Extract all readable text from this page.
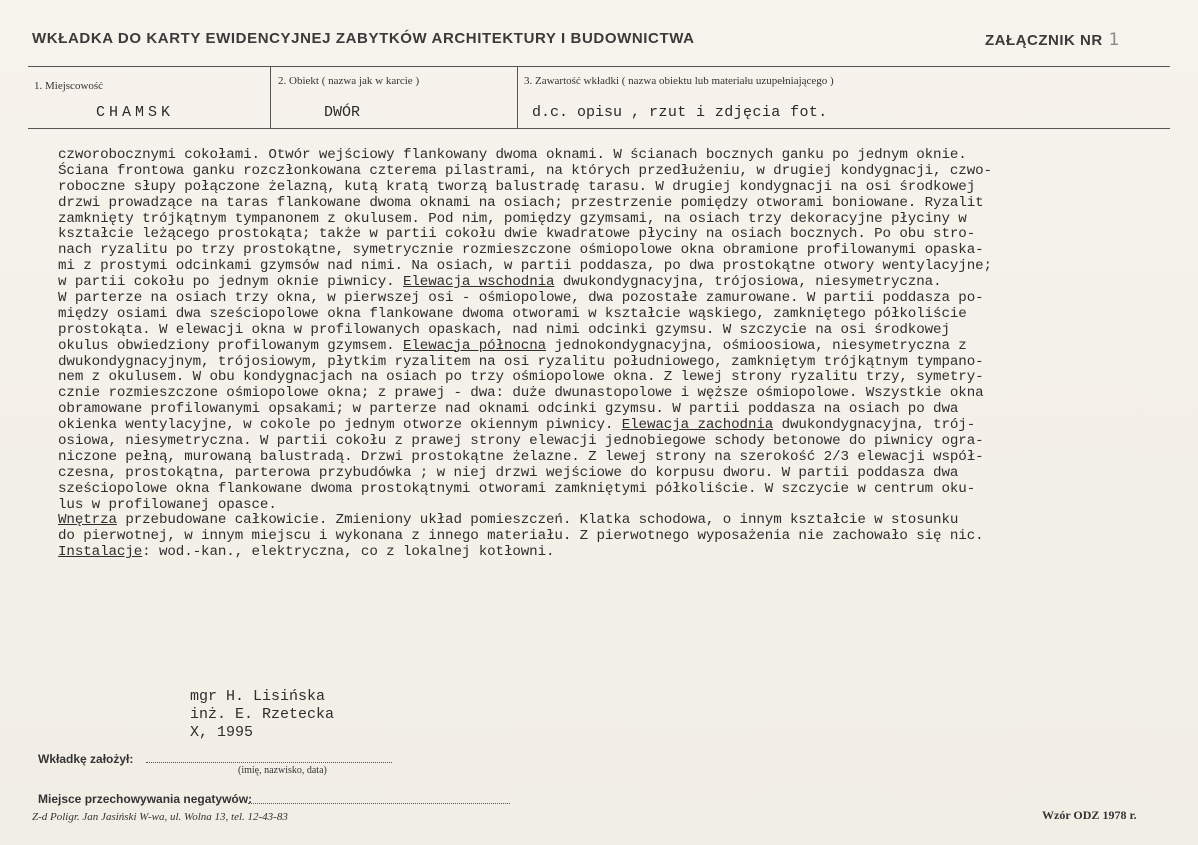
WKŁADKA DO KARTY EWIDENCYJNEJ ZABYTKÓW ARCHITEKTURY I BUDOWNICTWA	ZAŁĄCZNIK NR 1
1. Miejscowość
CHAMSK
2. Obiekt ( nazwa jak w karcie )
DWÓR
3. Zawartość wkładki ( nazwa obiektu lub materiału uzupełniającego )
d.c. opisu , rzut i zdjęcia fot.
czworobocznymi cokołami. Otwór wejściowy flankowany dwoma oknami. W ścianach bocznych ganku po jednym oknie.
Ściana frontowa ganku rozczłonkowana czterema pilastrami, na których przedłużeniu, w drugiej kondygnacji, czwo-
roboczne słupy połączone żelazną, kutą kratą tworzą balustradę tarasu. W drugiej kondygnacji na osi środkowej
drzwi prowadzące na taras flankowane dwoma oknami na osiach; przestrzenie pomiędzy otworami boniowane. Ryzalit
zamknięty trójkątnym tympanonem z okulusem. Pod nim, pomiędzy gzymsami, na osiach trzy dekoracyjne płyciny w
kształcie leżącego prostokąta; także w partii cokołu dwie kwadratowe płyciny na osiach bocznych. Po obu stro-
nach ryzalitu po trzy prostokątne, symetrycznie rozmieszczone ośmiopolowe okna obramione profilowanymi opaska-
mi z prostymi odcinkami gzymsów nad nimi. Na osiach, w partii poddasza, po dwa prostokątne otwory wentylacyjne;
w partii cokołu po jednym oknie piwnicy. Elewacja wschodnia dwukondygnacyjna, trójosiowa, niesymetryczna.
W parterze na osiach trzy okna, w pierwszej osi - ośmiopolowe, dwa pozostałe zamurowane. W partii poddasza po-
między osiami dwa sześciopolowe okna flankowane dwoma otworami w kształcie wąskiego, zamkniętego półkoliście
prostokąta. W elewacji okna w profilowanych opaskach, nad nimi odcinki gzymsu. W szczycie na osi środkowej
okulus obwiedziony profilowanym gzymsem. Elewacja północna jednokondygnacyjna, ośmioosiowa, niesymetryczna z
dwukondygnacyjnym, trójosiowym, płytkim ryzalitem na osi ryzalitu południowego, zamkniętym trójkątnym tympano-
nem z okulusem. W obu kondygnacjach na osiach po trzy ośmiopolowe okna. Z lewej strony ryzalitu trzy, symetry-
cznie rozmieszczone ośmiopolowe okna; z prawej - dwa: duże dwunastopolowe i węższe ośmiopolowe. Wszystkie okna
obramowane profilowanymi opsakami; w parterze nad oknami odcinki gzymsu. W partii poddasza na osiach po dwa
okienka wentylacyjne, w cokole po jednym otworze okiennym piwnicy. Elewacja zachodnia dwukondygnacyjna, trój-
osiowa, niesymetryczna. W partii cokołu z prawej strony elewacji jednobiegowe schody betonowe do piwnicy ogra-
niczone pełną, murowaną balustradą. Drzwi prostokątne żelazne. Z lewej strony na szerokość 2/3 elewacji współ-
czesna, prostokątna, parterowa przybudówka ; w niej drzwi wejściowe do korpusu dworu. W partii poddasza dwa
sześciopolowe okna flankowane dwoma prostokątnymi otworami zamkniętymi półkoliście. W szczycie w centrum oku-
lus w profilowanej opasce.
Wnętrza przebudowane całkowicie. Zmieniony układ pomieszczeń. Klatka schodowa, o innym kształcie w stosunku
do pierwotnej, w innym miejscu i wykonana z innego materiału. Z pierwotnego wyposażenia nie zachowało się nic.
Instalacje: wod.-kan., elektryczna, co z lokalnej kotłowni.
mgr H. Lisińska
inż. E. Rzetecka
X, 1995
Wkładkę założył:
(imię, nazwisko, data)
Miejsce przechowywania negatywów:
Z-d Poligr. Jan Jasiński W-wa, ul. Wolna 13, tel. 12-43-83	Wzór ODZ 1978 r.
